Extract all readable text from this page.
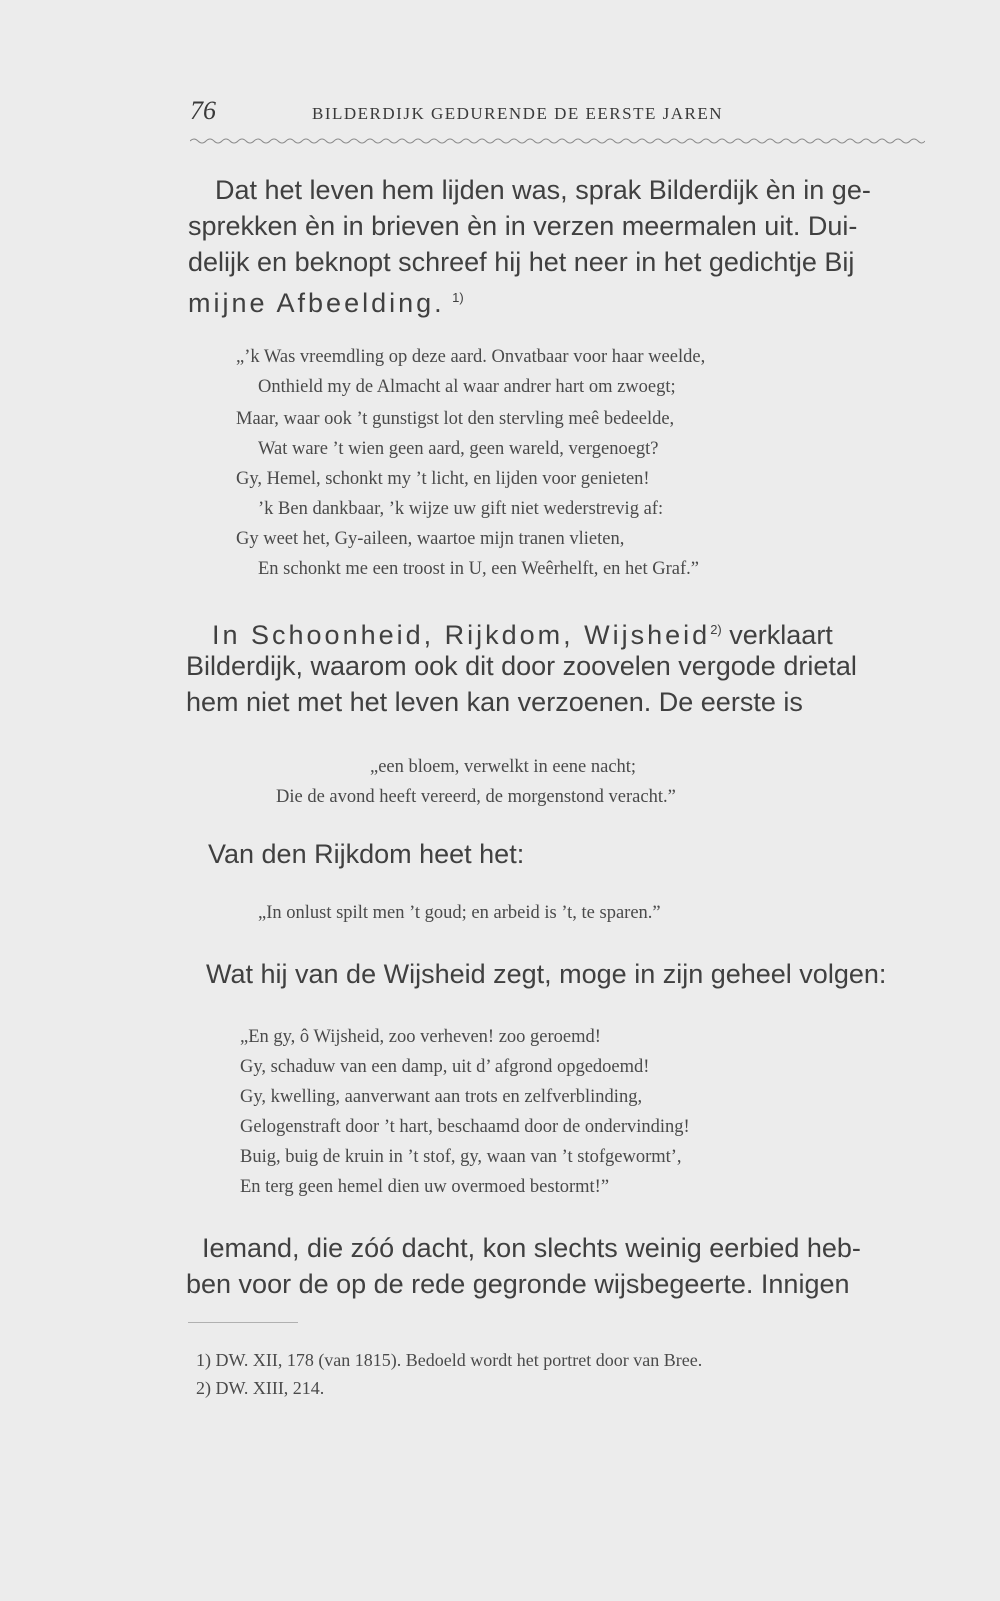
76	BILDERDIJK GEDURENDE DE EERSTE JAREN
Dat het leven hem lijden was, sprak Bilderdijk èn in ge-
sprekken èn in brieven èn in verzen meermalen uit. Dui-
delijk en beknopt schreef hij het neer in het gedichtje Bij
mijne Afbeelding. $^{1)}$
„’k Was vreemdling op deze aard. Onvatbaar voor haar weelde,
Onthield my de Almacht al waar andrer hart om zwoegt;
Maar, waar ook ’t gunstigst lot den stervling meê bedeelde,
Wat ware ’t wien geen aard, geen wareld, vergenoegt?
Gy, Hemel, schonkt my ’t licht, en lijden voor genieten!
’k Ben dankbaar, ’k wijze uw gift niet wederstrevig af:
Gy weet het, Gy-aileen, waartoe mijn tranen vlieten,
En schonkt me een troost in U, een Weêrhelft, en het Graf.”
In Schoonheid, Rijkdom, Wijsheid$^{2)}$ verklaart
Bilderdijk, waarom ook dit door zoovelen vergode drietal
hem niet met het leven kan verzoenen. De eerste is
„een bloem, verwelkt in eene nacht;
Die de avond heeft vereerd, de morgenstond veracht.”
Van den Rijkdom heet het:
„In onlust spilt men ’t goud; en arbeid is ’t, te sparen.”
Wat hij van de Wijsheid zegt, moge in zijn geheel volgen:
„En gy, ô Wijsheid, zoo verheven! zoo geroemd!
Gy, schaduw van een damp, uit d’ afgrond opgedoemd!
Gy, kwelling, aanverwant aan trots en zelfverblinding,
Gelogenstraft door ’t hart, beschaamd door de ondervinding!
Buig, buig de kruin in ’t stof, gy, waan van ’t stofgewormt’,
En terg geen hemel dien uw overmoed bestormt!”
Iemand, die zóó dacht, kon slechts weinig eerbied heb-
ben voor de op de rede gegronde wijsbegeerte. Innigen
1) DW. XII, 178 (van 1815). Bedoeld wordt het portret door van Bree.
2) DW. XIII, 214.
